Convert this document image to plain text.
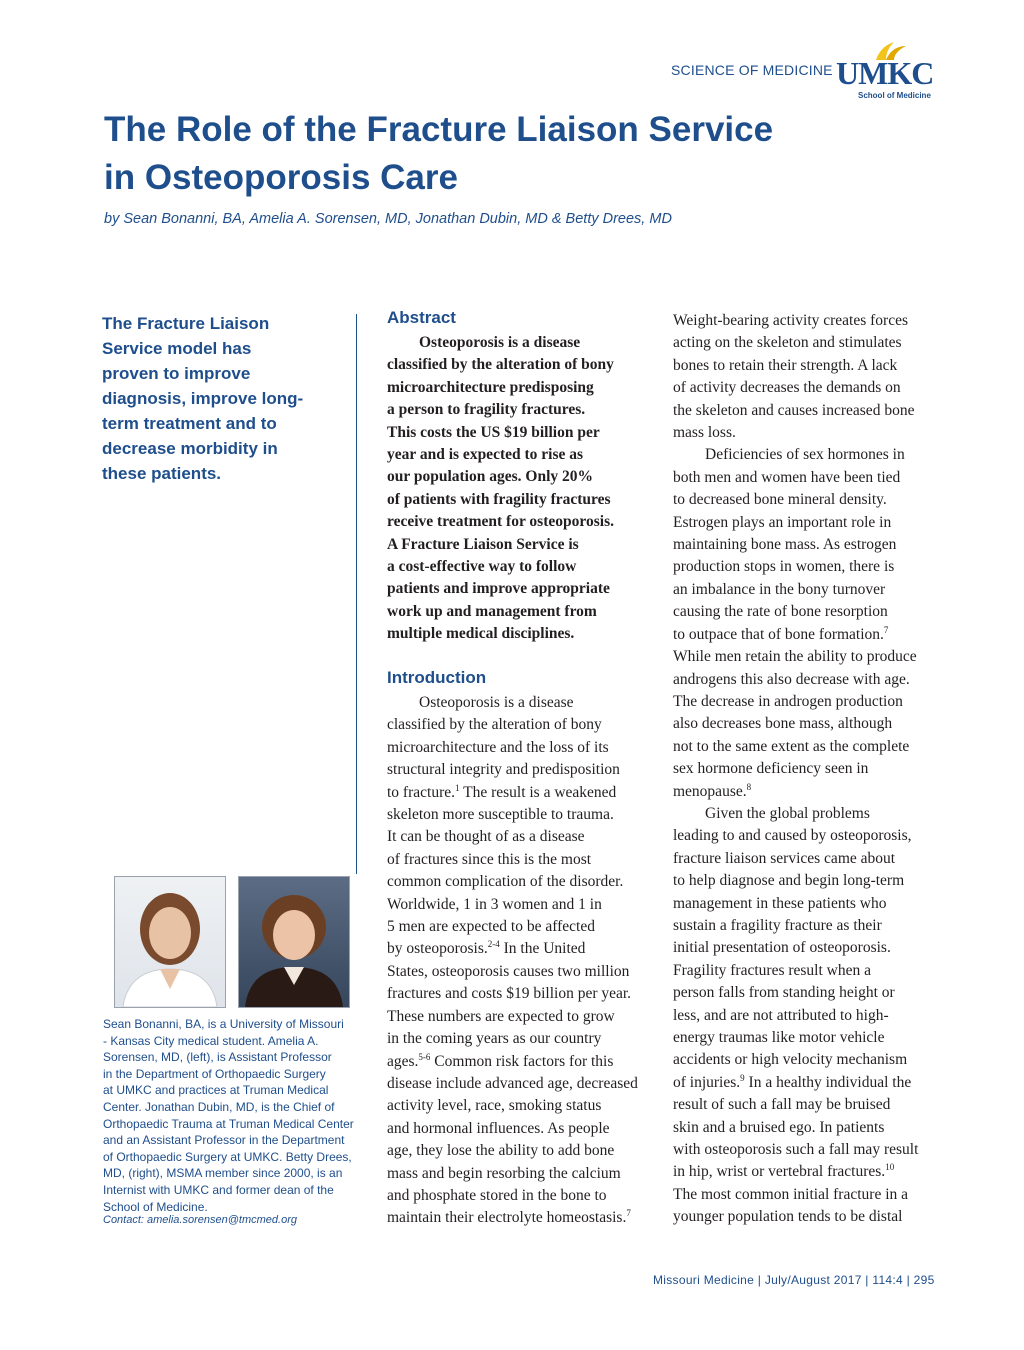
SCIENCE OF MEDICINE UMKC
School of Medicine
The Role of the Fracture Liaison Service
in Osteoporosis Care
by Sean Bonanni, BA, Amelia A. Sorensen, MD, Jonathan Dubin, MD & Betty Drees, MD
The Fracture Liaison
Service model has
proven to improve
diagnosis, improve long-
term treatment and to
decrease morbidity in
these patients.
Sean Bonanni, BA, is a University of Missouri
- Kansas City medical student. Amelia A.
Sorensen, MD, (left), is Assistant Professor
in the Department of Orthopaedic Surgery
at UMKC and practices at Truman Medical
Center. Jonathan Dubin, MD, is the Chief of
Orthopaedic Trauma at Truman Medical Center
and an Assistant Professor in the Department
of Orthopaedic Surgery at UMKC. Betty Drees,
MD, (right), MSMA member since 2000, is an
Internist with UMKC and former dean of the
School of Medicine.
Contact: amelia.sorensen@tmcmed.org
Abstract
Osteoporosis is a disease
classified by the alteration of bony
microarchitecture predisposing
a person to fragility fractures.
This costs the US $19 billion per
year and is expected to rise as
our population ages. Only 20%
of patients with fragility fractures
receive treatment for osteoporosis.
A Fracture Liaison Service is
a cost-effective way to follow
patients and improve appropriate
work up and management from
multiple medical disciplines.
Introduction
Osteoporosis is a disease
classified by the alteration of bony
microarchitecture and the loss of its
structural integrity and predisposition
to fracture.$^1$ The result is a weakened
skeleton more susceptible to trauma.
It can be thought of as a disease
of fractures since this is the most
common complication of the disorder.
Worldwide, 1 in 3 women and 1 in
5 men are expected to be affected
by osteoporosis.$^{2-4}$ In the United
States, osteoporosis causes two million
fractures and costs $19 billion per year.
These numbers are expected to grow
in the coming years as our country
ages.$^{5-6}$ Common risk factors for this
disease include advanced age, decreased
activity level, race, smoking status
and hormonal influences. As people
age, they lose the ability to add bone
mass and begin resorbing the calcium
and phosphate stored in the bone to
maintain their electrolyte homeostasis.$^7$
Weight-bearing activity creates forces
acting on the skeleton and stimulates
bones to retain their strength. A lack
of activity decreases the demands on
the skeleton and causes increased bone
mass loss.
Deficiencies of sex hormones in
both men and women have been tied
to decreased bone mineral density.
Estrogen plays an important role in
maintaining bone mass. As estrogen
production stops in women, there is
an imbalance in the bony turnover
causing the rate of bone resorption
to outpace that of bone formation.$^7$
While men retain the ability to produce
androgens this also decrease with age.
The decrease in androgen production
also decreases bone mass, although
not to the same extent as the complete
sex hormone deficiency seen in
menopause.$^8$
Given the global problems
leading to and caused by osteoporosis,
fracture liaison services came about
to help diagnose and begin long-term
management in these patients who
sustain a fragility fracture as their
initial presentation of osteoporosis.
Fragility fractures result when a
person falls from standing height or
less, and are not attributed to high-
energy traumas like motor vehicle
accidents or high velocity mechanism
of injuries.$^9$ In a healthy individual the
result of such a fall may be bruised
skin and a bruised ego. In patients
with osteoporosis such a fall may result
in hip, wrist or vertebral fractures.$^{10}$
The most common initial fracture in a
younger population tends to be distal
Missouri Medicine | July/August 2017 | 114:4 | 295
